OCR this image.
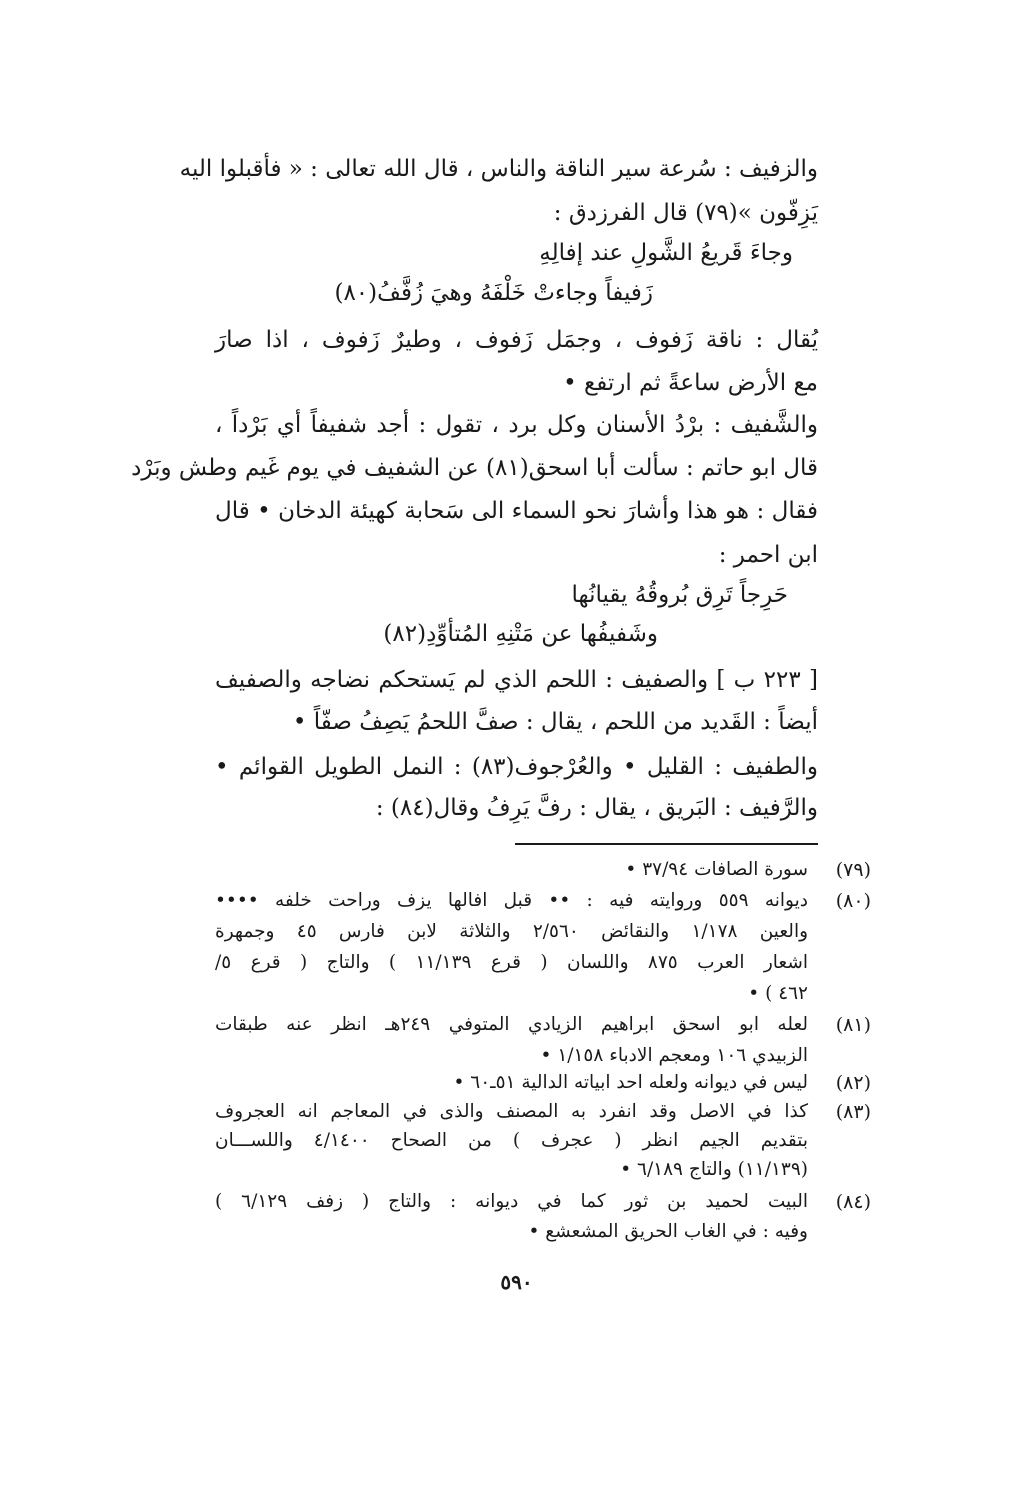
والزفيف : سُرعة سير الناقة والناس ، قال الله تعالى : « فأقبلوا اليه
يَزِفّون »(٧٩) قال الفرزدق :
وجاءَ قَريعُ الشَّولِ عند إفالِهِ
زَفيفاً وجاءتْ خَلْفَهُ وهيَ زُفَّفُ(٨٠)
يُقال : ناقة زَفوف ، وجمَل زَفوف ، وطيرٌ زَفوف ، اذا صارَ
مع الأرض ساعةً ثم ارتفع •
والشَّفيف : برْدُ الأسنان وكل برد ، تقول : أجد شفيفاً أي بَرْداً ،
قال ابو حاتم : سألت أبا اسحق(٨١) عن الشفيف في يوم غَيم وطش وبَرْد
فقال : هو هذا وأشارَ نحو السماء الى سَحابة كهيئة الدخان • قال
ابن احمر :
حَرِجاً تَرِق بُروقُهُ يقيانُها
وشَفيفُها عن مَتْنِهِ المُتأوِّدِ(٨٢)
[ ٢٢٣ ب ] والصفيف : اللحم الذي لم يَستحكم نضاجه والصفيف
أيضاً : القَديد من اللحم ، يقال : صفَّ اللحمُ يَصِفُ صفّاً •
والطفيف : القليل • والعُرْجوف(٨٣) : النمل الطويل القوائم •
والرَّفيف : البَريق ، يقال : رفَّ يَرِفُ وقال(٨٤) :
(٧٩)
سورة الصافات ٣٧/٩٤ •
(٨٠)
ديوانه ٥٥٩ وروايته فيه : •• قبل افالها يزف وراحت خلفه ••••
والعين ١/١٧٨ والنقائض ٢/٥٦٠ والثلاثة لابن فارس ٤٥ وجمهرة
اشعار العرب ٨٧٥ واللسان ( قرع ١١/١٣٩ ) والتاج ( قرع ٥/
٤٦٢ ) •
(٨١)
لعله ابو اسحق ابراهيم الزيادي المتوفي ٢٤٩هـ انظر عنه طبقات
الزبيدي ١٠٦ ومعجم الادباء ١/١٥٨ •
(٨٢)
ليس في ديوانه ولعله احد ابياته الدالية ٥١ـ٦٠ •
(٨٣)
كذا في الاصل وقد انفرد به المصنف والذى في المعاجم انه العجروف
بتقديم الجيم انظر ( عجرف ) من الصحاح ٤/١٤٠٠ واللســـان
(١١/١٣٩) والتاج ٦/١٨٩ •
(٨٤)
البيت لحميد بن ثور كما في ديوانه : والتاج ( زفف ٦/١٢٩ )
وفيه : في الغاب الحريق المشعشع •
٥٩٠
